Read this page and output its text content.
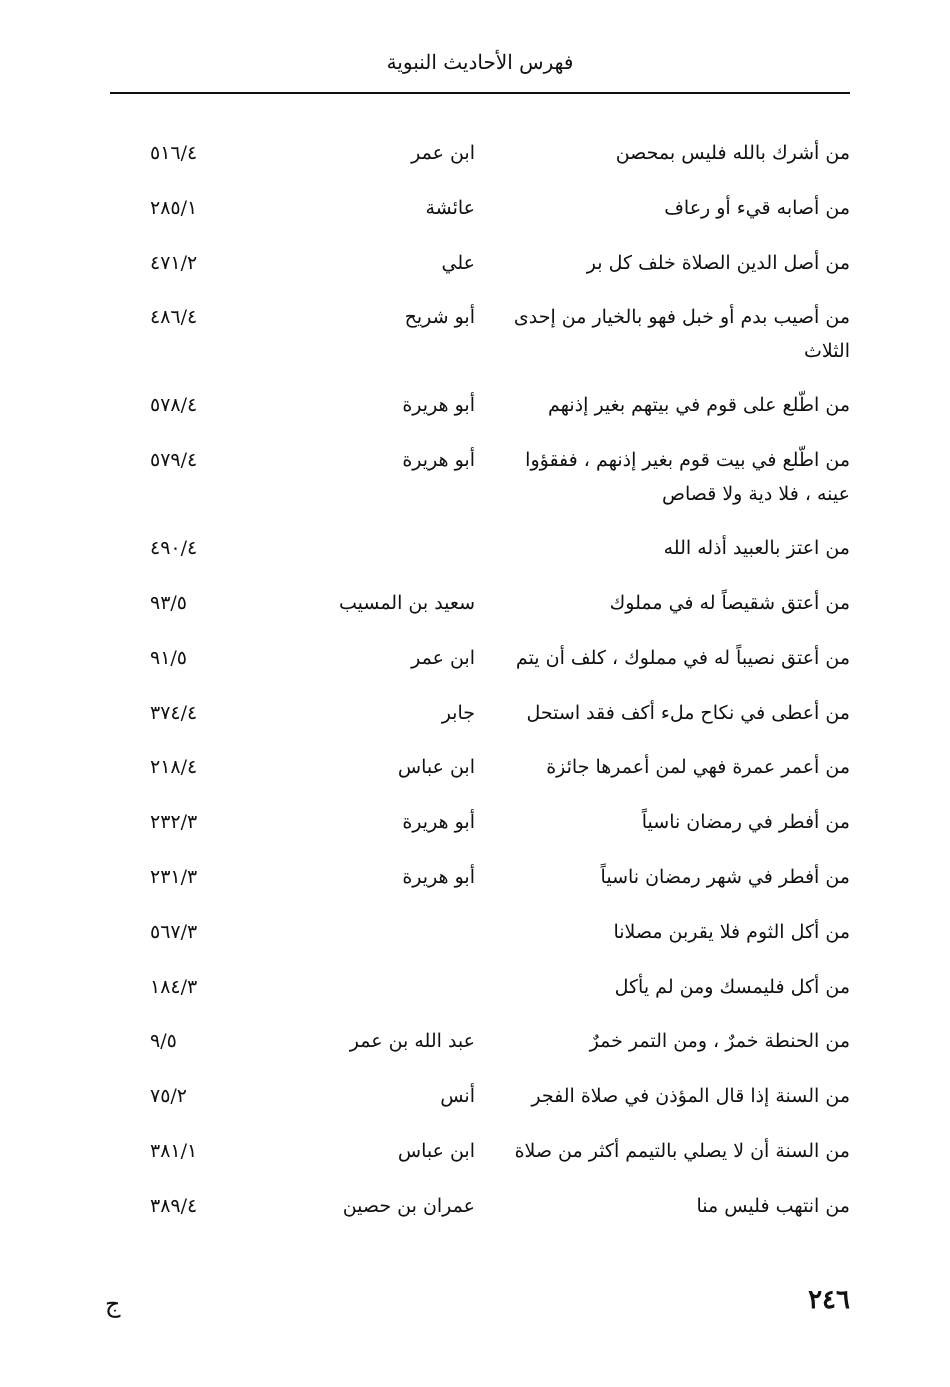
فهرس الأحاديث النبوية
من أشرك بالله فليس بمحصن
ابن عمر
٥١٦/٤
من أصابه قيء أو رعاف
عائشة
٢٨٥/١
من أصل الدين الصلاة خلف كل بر
علي
٤٧١/٢
من أصيب بدم أو خبل فهو بالخيار من إحدى الثلاث
أبو شريح
٤٨٦/٤
من اطّلع على قوم في بيتهم بغير إذنهم
أبو هريرة
٥٧٨/٤
من اطّلع في بيت قوم بغير إذنهم ، ففقؤوا عينه ، فلا دية ولا قصاص
أبو هريرة
٥٧٩/٤
من اعتز بالعبيد أذله الله
٤٩٠/٤
من أعتق شقيصاً له في مملوك
سعيد بن المسيب
٩٣/٥
من أعتق نصيباً له في مملوك ، كلف أن يتم
ابن عمر
٩١/٥
من أعطى في نكاح ملء أكف فقد استحل
جابر
٣٧٤/٤
من أعمر عمرة فهي لمن أعمرها جائزة
ابن عباس
٢١٨/٤
من أفطر في رمضان ناسياً
أبو هريرة
٢٣٢/٣
من أفطر في شهر رمضان ناسياً
أبو هريرة
٢٣١/٣
من أكل الثوم فلا يقربن مصلانا
٥٦٧/٣
من أكل فليمسك ومن لم يأكل
١٨٤/٣
من الحنطة خمرٌ ، ومن التمر خمرٌ
عبد الله بن عمر
٩/٥
من السنة إذا قال المؤذن في صلاة الفجر
أنس
٧٥/٢
من السنة أن لا يصلي بالتيمم أكثر من صلاة
ابن عباس
٣٨١/١
من انتهب فليس منا
عمران بن حصين
٣٨٩/٤
٢٤٦
ج
